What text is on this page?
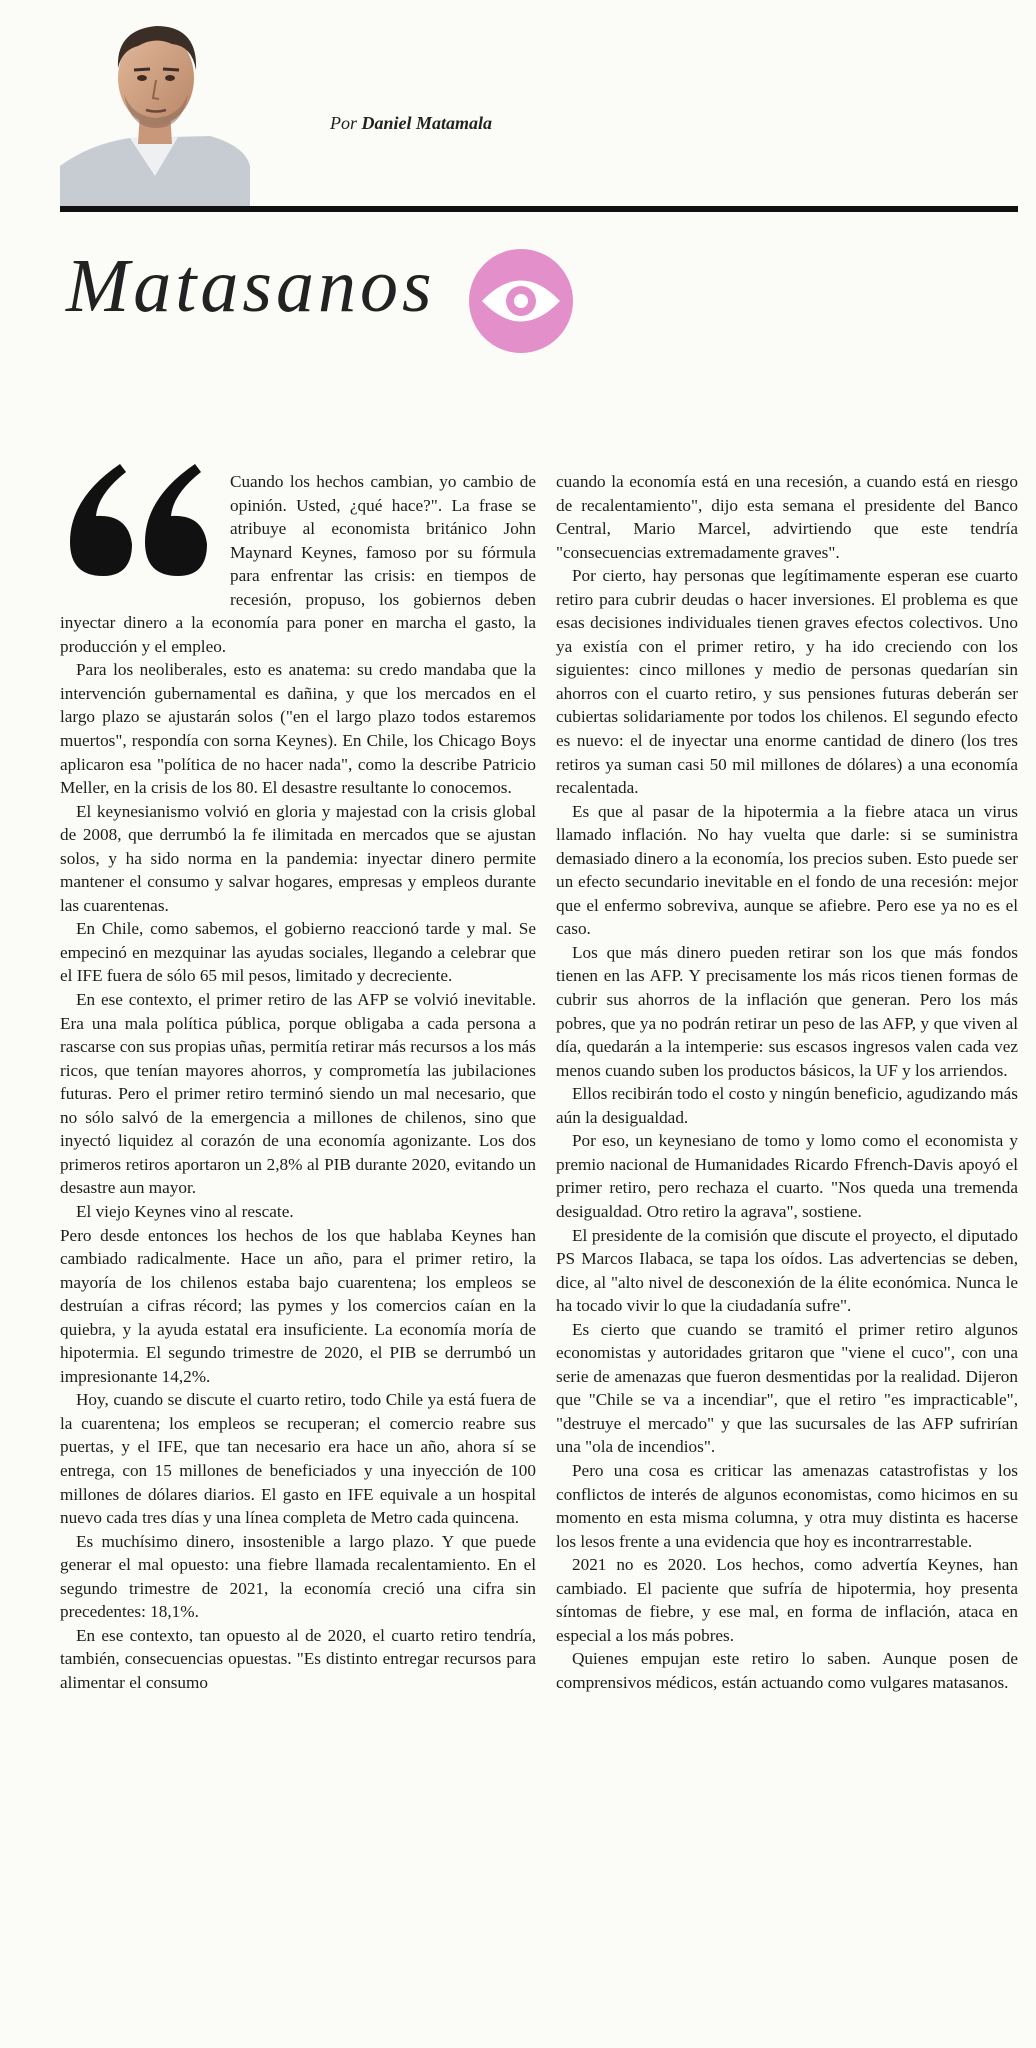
Por Daniel Matamala
Matasanos

Cuando los hechos cambian, yo cambio de opinión. Usted, ¿qué hace?". La frase se atribuye al economista británico John Maynard Keynes, famoso por su fórmula para enfrentar las crisis: en tiempos de recesión, propuso, los gobiernos deben inyectar dinero a la economía para poner en marcha el gasto, la producción y el empleo.

Para los neoliberales, esto es anatema: su credo mandaba que la intervención gubernamental es dañina, y que los mercados en el largo plazo se ajustarán solos ("en el largo plazo todos estaremos muertos", respondía con sorna Keynes). En Chile, los Chicago Boys aplicaron esa "política de no hacer nada", como la describe Patricio Meller, en la crisis de los 80. El desastre resultante lo conocemos.

El keynesianismo volvió en gloria y majestad con la crisis global de 2008, que derrumbó la fe ilimitada en mercados que se ajustan solos, y ha sido norma en la pandemia: inyectar dinero permite mantener el consumo y salvar hogares, empresas y empleos durante las cuarentenas.

En Chile, como sabemos, el gobierno reaccionó tarde y mal. Se empecinó en mezquinar las ayudas sociales, llegando a celebrar que el IFE fuera de sólo 65 mil pesos, limitado y decreciente.

En ese contexto, el primer retiro de las AFP se volvió inevitable. Era una mala política pública, porque obligaba a cada persona a rascarse con sus propias uñas, permitía retirar más recursos a los más ricos, que tenían mayores ahorros, y comprometía las jubilaciones futuras. Pero el primer retiro terminó siendo un mal necesario, que no sólo salvó de la emergencia a millones de chilenos, sino que inyectó liquidez al corazón de una economía agonizante. Los dos primeros retiros aportaron un 2,8% al PIB durante 2020, evitando un desastre aun mayor.

El viejo Keynes vino al rescate.

Pero desde entonces los hechos de los que hablaba Keynes han cambiado radicalmente. Hace un año, para el primer retiro, la mayoría de los chilenos estaba bajo cuarentena; los empleos se destruían a cifras récord; las pymes y los comercios caían en la quiebra, y la ayuda estatal era insuficiente. La economía moría de hipotermia. El segundo trimestre de 2020, el PIB se derrumbó un impresionante 14,2%.

Hoy, cuando se discute el cuarto retiro, todo Chile ya está fuera de la cuarentena; los empleos se recuperan; el comercio reabre sus puertas, y el IFE, que tan necesario era hace un año, ahora sí se entrega, con 15 millones de beneficiados y una inyección de 100 millones de dólares diarios. El gasto en IFE equivale a un hospital nuevo cada tres días y una línea completa de Metro cada quincena.

Es muchísimo dinero, insostenible a largo plazo. Y que puede generar el mal opuesto: una fiebre llamada recalentamiento. En el segundo trimestre de 2021, la economía creció una cifra sin precedentes: 18,1%.

En ese contexto, tan opuesto al de 2020, el cuarto retiro tendría, también, consecuencias opuestas. "Es distinto entregar recursos para alimentar el consumo

cuando la economía está en una recesión, a cuando está en riesgo de recalentamiento", dijo esta semana el presidente del Banco Central, Mario Marcel, advirtiendo que este tendría "consecuencias extremadamente graves".

Por cierto, hay personas que legítimamente esperan ese cuarto retiro para cubrir deudas o hacer inversiones. El problema es que esas decisiones individuales tienen graves efectos colectivos. Uno ya existía con el primer retiro, y ha ido creciendo con los siguientes: cinco millones y medio de personas quedarían sin ahorros con el cuarto retiro, y sus pensiones futuras deberán ser cubiertas solidariamente por todos los chilenos. El segundo efecto es nuevo: el de inyectar una enorme cantidad de dinero (los tres retiros ya suman casi 50 mil millones de dólares) a una economía recalentada.

Es que al pasar de la hipotermia a la fiebre ataca un virus llamado inflación. No hay vuelta que darle: si se suministra demasiado dinero a la economía, los precios suben. Esto puede ser un efecto secundario inevitable en el fondo de una recesión: mejor que el enfermo sobreviva, aunque se afiebre. Pero ese ya no es el caso.

Los que más dinero pueden retirar son los que más fondos tienen en las AFP. Y precisamente los más ricos tienen formas de cubrir sus ahorros de la inflación que generan. Pero los más pobres, que ya no podrán retirar un peso de las AFP, y que viven al día, quedarán a la intemperie: sus escasos ingresos valen cada vez menos cuando suben los productos básicos, la UF y los arriendos.

Ellos recibirán todo el costo y ningún beneficio, agudizando más aún la desigualdad.

Por eso, un keynesiano de tomo y lomo como el economista y premio nacional de Humanidades Ricardo Ffrench-Davis apoyó el primer retiro, pero rechaza el cuarto. "Nos queda una tremenda desigualdad. Otro retiro la agrava", sostiene.

El presidente de la comisión que discute el proyecto, el diputado PS Marcos Ilabaca, se tapa los oídos. Las advertencias se deben, dice, al "alto nivel de desconexión de la élite económica. Nunca le ha tocado vivir lo que la ciudadanía sufre".

Es cierto que cuando se tramitó el primer retiro algunos economistas y autoridades gritaron que "viene el cuco", con una serie de amenazas que fueron desmentidas por la realidad. Dijeron que "Chile se va a incendiar", que el retiro "es impracticable", "destruye el mercado" y que las sucursales de las AFP sufrirían una "ola de incendios".

Pero una cosa es criticar las amenazas catastrofistas y los conflictos de interés de algunos economistas, como hicimos en su momento en esta misma columna, y otra muy distinta es hacerse los lesos frente a una evidencia que hoy es incontrarrestable.

2021 no es 2020. Los hechos, como advertía Keynes, han cambiado. El paciente que sufría de hipotermia, hoy presenta síntomas de fiebre, y ese mal, en forma de inflación, ataca en especial a los más pobres.

Quienes empujan este retiro lo saben. Aunque posen de comprensivos médicos, están actuando como vulgares matasanos.
